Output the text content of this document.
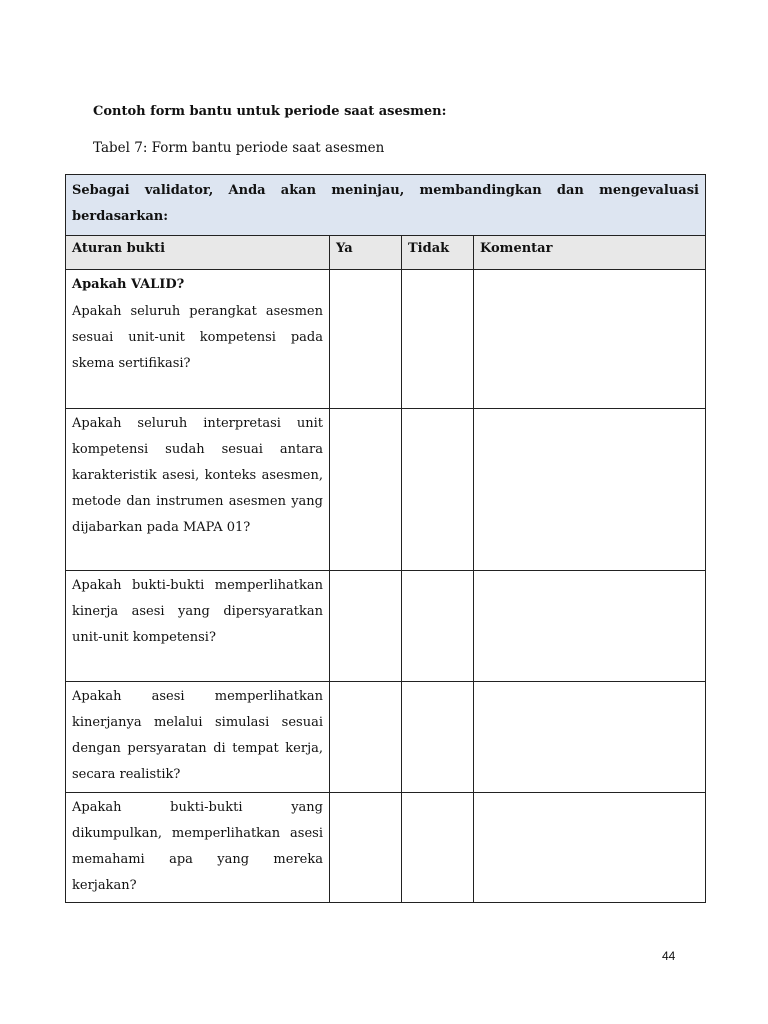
Contoh form bantu untuk periode saat asesmen:
Tabel 7: Form bantu periode saat asesmen
Sebagai validator, Anda akan meninjau, membandingkan dan mengevaluasi berdasarkan:			
Aturan bukti	Ya	Tidak	Komentar

Apakah VALID?
Apakah seluruh perangkat asesmen sesuai unit-unit kompetensi pada skema sertifikasi?			
Apakah seluruh interpretasi unit kompetensi sudah sesuai antara karakteristik asesi, konteks asesmen, metode dan instrumen asesmen yang dijabarkan pada MAPA 01?			
Apakah bukti-bukti memperlihatkan kinerja asesi yang dipersyaratkan unit-unit kompetensi?			
Apakah asesi memperlihatkan kinerjanya melalui simulasi sesuai dengan persyaratan di tempat kerja, secara realistik?			
Apakah bukti-bukti yang dikumpulkan, memperlihatkan asesi memahami apa yang mereka kerjakan?			
44
